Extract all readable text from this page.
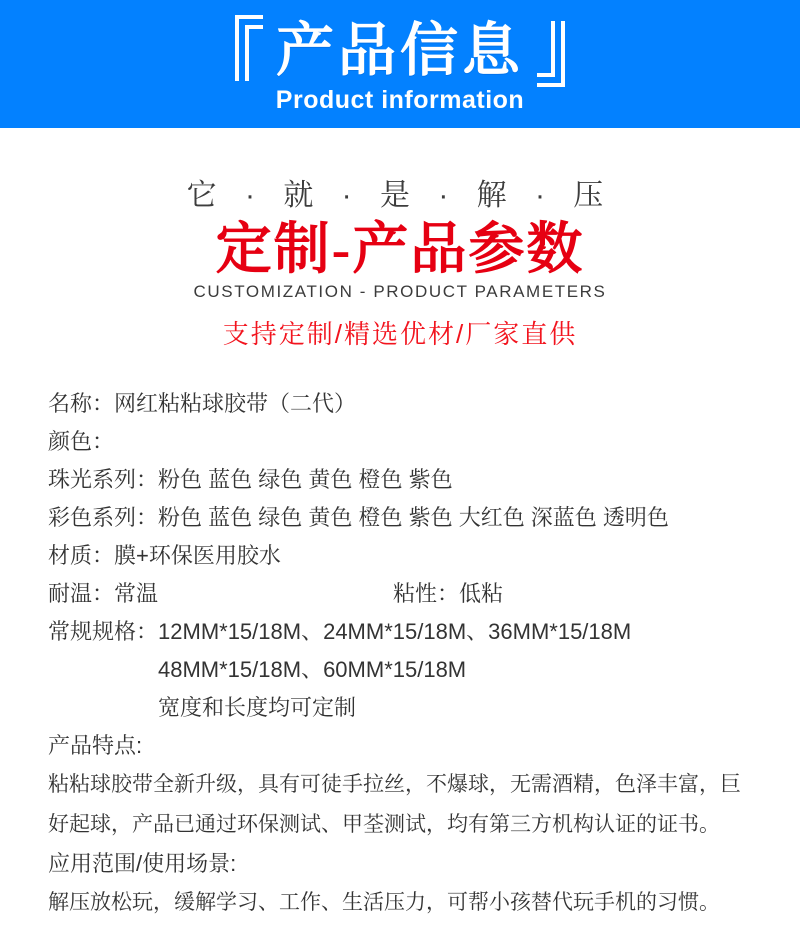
产品信息
Product information
它 · 就 · 是 · 解 · 压
定制-产品参数
CUSTOMIZATION - PRODUCT PARAMETERS
支持定制/精选优材/厂家直供
名称：网红粘粘球胶带（二代）
颜色：
珠光系列：粉色 蓝色 绿色 黄色 橙色 紫色
彩色系列：粉色 蓝色 绿色 黄色 橙色 紫色 大红色 深蓝色 透明色
材质：膜+环保医用胶水
耐温：常温	粘性：低粘
常规规格：12MM*15/18M、24MM*15/18M、36MM*15/18M
48MM*15/18M、60MM*15/18M
宽度和长度均可定制
产品特点:
粘粘球胶带全新升级，具有可徒手拉丝，不爆球，无需酒精，色泽丰富，巨好起球，产品已通过环保测试、甲荃测试，均有第三方机构认证的证书。
应用范围/使用场景:
解压放松玩，缓解学习、工作、生活压力，可帮小孩替代玩手机的习惯。
